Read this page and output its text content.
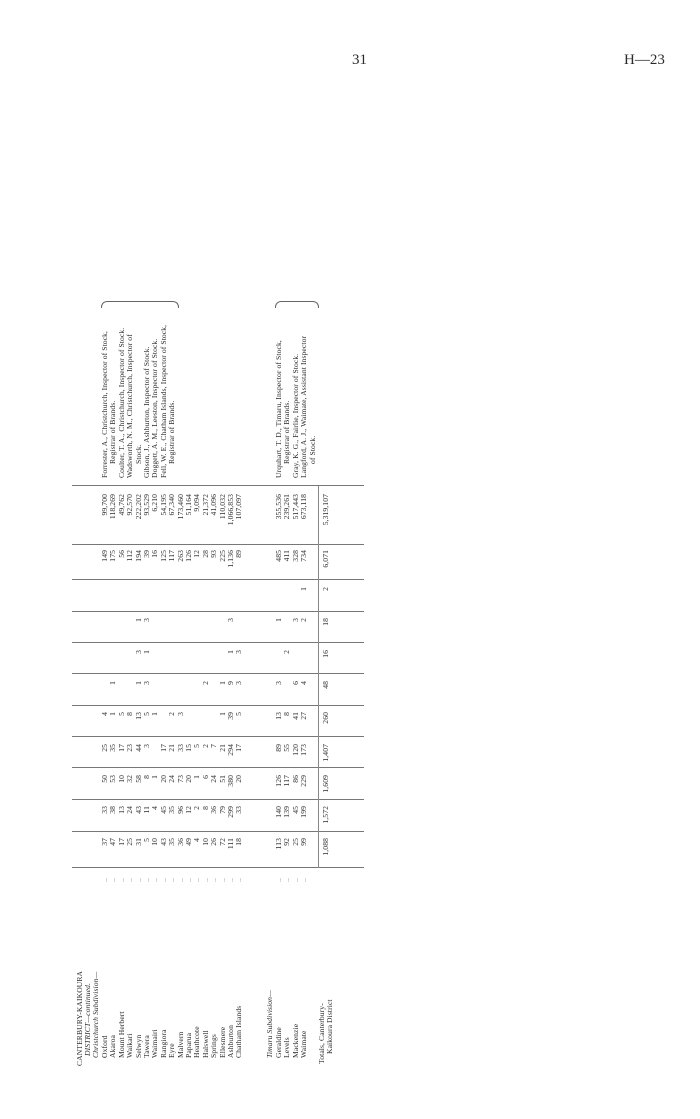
31	H—23
CANTERBURY-KAIKOURA DISTRICT—continued. Christchurch Subdivision— Oxford
..
37
33
50
25
4
149
99,700
Akaroa
..
47
38
53
35
1
1
175
118,269
Mount Herbert
..
17
13
10
17
5
56
49,762
Waikari
..
25
24
32
23
8
112
92,570
Selwyn
..
31
43
58
44
13
1
3
1
194
222,202
Tawera
..
5
11
8
3
5
3
1
3
39
93,529
Waimairi
..
10
4
1
1
16
6,210
Rangiora
..
43
45
20
17
125
54,195
Eyre
..
35
35
24
21
2
117
67,340
Malvern
..
36
96
73
33
3
263
173,460
Paparua
..
49
12
20
15
126
51,164
Heathcote
..
4
2
1
5
12
9,094
Halswell
..
10
8
6
2
2
28
21,372
Springs
..
26
36
24
7
93
41,096
Ellesmere
..
72
79
51
21
1
1
225
110,032
Ashburton
..
111
299
380
294
39
9
1
3
1,136
1,066,853
Chatham Islands
..
18
33
20
17
5
3
3
89
107,097
Timaru Subdivision— Geraldine
..
113
140
126
89
13
3
1
485
355,536
Levels
..
92
139
117
55
8
2
411
239,261
Mackenzie
..
25
45
86
120
41
6
3
328
517,443
Waimate
..
99
199
229
173
27
4
2
1
734
673,118
Totals, Canterbury- Kaikoura District
1,088
1,572
1,609
1,407
260
48
16
18
2
6,071
5,319,107
Forrester, A., Christchurch, Inspector of Stock, Registrar of Brands. Coulter, T. A., Christchurch, Inspector of Stock. Wadsworth, N. M., Christchurch, Inspector of Stock. Gibson, J., Ashburton, Inspector of Stock. Doggett, A. M., Leeston, Inspector of Stock. Fell, W. E., Chatham Islands, Inspector of Stock, Registrar of Brands.	Urquhart, T. D., Timaru, Inspector of Stock, Registrar of Brands. Gray, K. G., Fairlie, Inspector of Stock. Langford, A. J., Waimate, Assistant Inspector of Stock.
